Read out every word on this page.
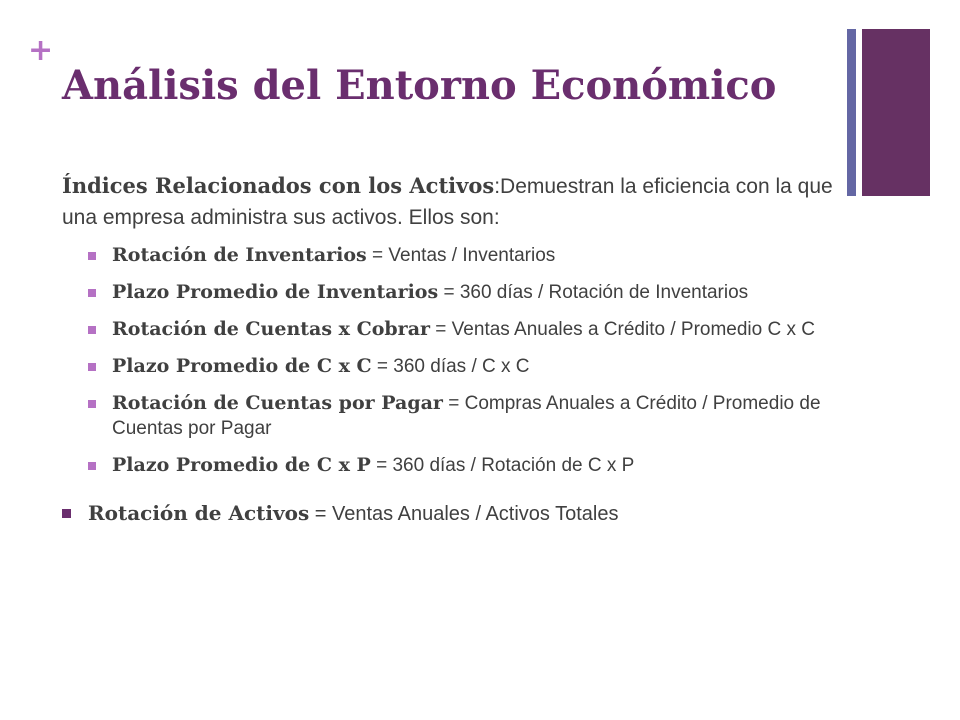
+
Análisis del Entorno Económico

Índices Relacionados con los Activos:Demuestran la eficiencia con la que una empresa administra sus activos. Ellos son:

Rotación de Inventarios = Ventas / Inventarios
Plazo Promedio de Inventarios = 360 días / Rotación de Inventarios
Rotación de Cuentas x Cobrar = Ventas Anuales a Crédito / Promedio C x C
Plazo Promedio de C x C = 360 días / C x C
Rotación de Cuentas por Pagar = Compras Anuales a Crédito / Promedio de Cuentas por Pagar
Plazo Promedio de C x P = 360 días / Rotación de C x P
Rotación de Activos = Ventas Anuales / Activos Totales
